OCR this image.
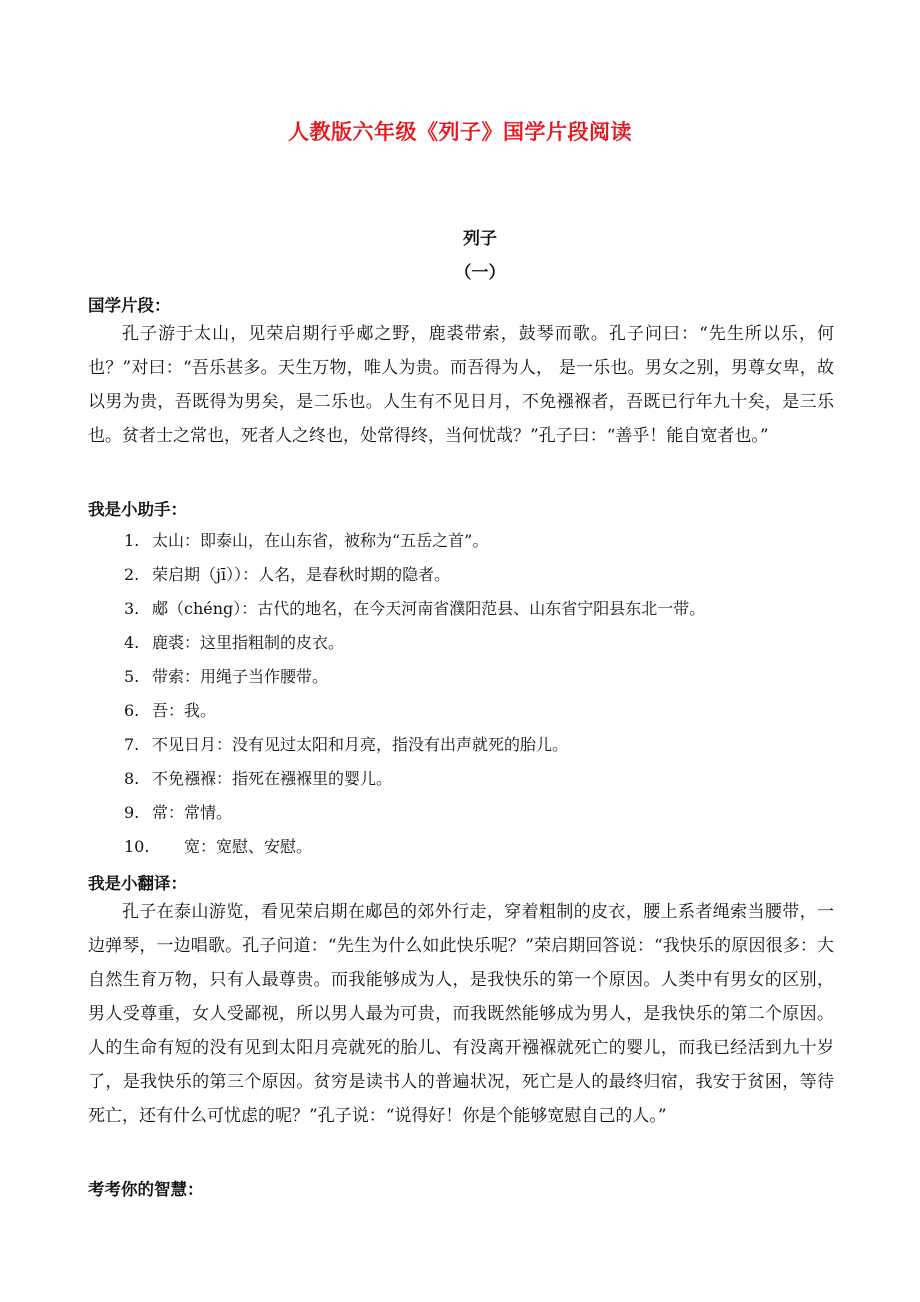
人教版六年级《列子》国学片段阅读
列子
（一）
国学片段：

孔子游于太山，见荣启期行乎郕之野，鹿裘带索，鼓琴而歌。孔子问曰：“先生所以乐，何也？”对曰：“吾乐甚多。天生万物，唯人为贵。而吾得为人， 是一乐也。男女之别，男尊女卑，故以男为贵，吾既得为男矣，是二乐也。人生有不见日月，不免襁褓者，吾既已行年九十矣，是三乐也。贫者士之常也，死者人之终也，处常得终，当何忧哉？”孔子曰：“善乎！能自宽者也。”

我是小助手：
1. 太山：即泰山，在山东省，被称为“五岳之首”。
2. 荣启期（jī））：人名，是春秋时期的隐者。
3. 郕（chéng）：古代的地名，在今天河南省濮阳范县、山东省宁阳县东北一带。
4. 鹿裘：这里指粗制的皮衣。
5. 带索：用绳子当作腰带。
6. 吾：我。
7. 不见日月：没有见过太阳和月亮，指没有出声就死的胎儿。
8. 不免襁褓：指死在襁褓里的婴儿。
9. 常：常情。
10. 宽：宽慰、安慰。
我是小翻译：

孔子在泰山游览，看见荣启期在郕邑的郊外行走，穿着粗制的皮衣，腰上系者绳索当腰带，一边弹琴，一边唱歌。孔子问道：“先生为什么如此快乐呢？”荣启期回答说：“我快乐的原因很多：大自然生育万物，只有人最尊贵。而我能够成为人，是我快乐的第一个原因。人类中有男女的区别，男人受尊重，女人受鄙视，所以男人最为可贵，而我既然能够成为男人，是我快乐的第二个原因。人的生命有短的没有见到太阳月亮就死的胎儿、有没离开襁褓就死亡的婴儿，而我已经活到九十岁了，是我快乐的第三个原因。贫穷是读书人的普遍状况，死亡是人的最终归宿，我安于贫困，等待死亡，还有什么可忧虑的呢？”孔子说：“说得好！你是个能够宽慰自己的人。”

考考你的智慧：
